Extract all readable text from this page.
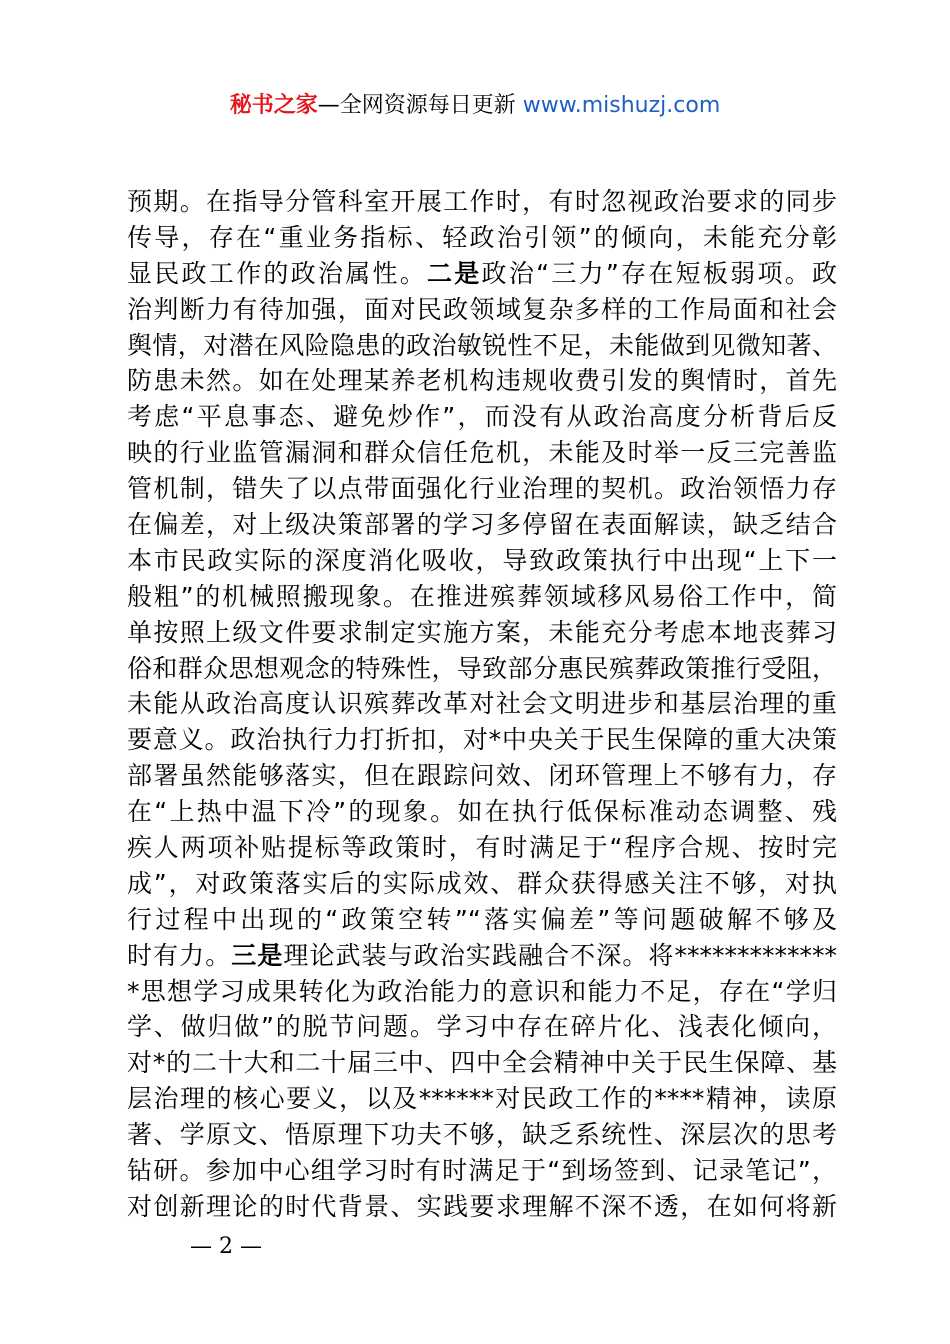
秘书之家—全网资源每日更新 www.mishuzj.com
预期。在指导分管科室开展工作时，有时忽视政治要求的同步
传导，存在“重业务指标、轻政治引领”的倾向，未能充分彰
显民政工作的政治属性。二是政治“三力”存在短板弱项。政
治判断力有待加强，面对民政领域复杂多样的工作局面和社会
舆情，对潜在风险隐患的政治敏锐性不足，未能做到见微知著、
防患未然。如在处理某养老机构违规收费引发的舆情时，首先
考虑“平息事态、避免炒作”，而没有从政治高度分析背后反
映的行业监管漏洞和群众信任危机，未能及时举一反三完善监
管机制，错失了以点带面强化行业治理的契机。政治领悟力存
在偏差，对上级决策部署的学习多停留在表面解读，缺乏结合
本市民政实际的深度消化吸收，导致政策执行中出现“上下一
般粗”的机械照搬现象。在推进殡葬领域移风易俗工作中，简
单按照上级文件要求制定实施方案，未能充分考虑本地丧葬习
俗和群众思想观念的特殊性，导致部分惠民殡葬政策推行受阻，
未能从政治高度认识殡葬改革对社会文明进步和基层治理的重
要意义。政治执行力打折扣，对*中央关于民生保障的重大决策
部署虽然能够落实，但在跟踪问效、闭环管理上不够有力，存
在“上热中温下冷”的现象。如在执行低保标准动态调整、残
疾人两项补贴提标等政策时，有时满足于“程序合规、按时完
成”，对政策落实后的实际成效、群众获得感关注不够，对执
行过程中出现的“政策空转”“落实偏差”等问题破解不够及
时有力。三是理论武装与政治实践融合不深。将*************
*思想学习成果转化为政治能力的意识和能力不足，存在“学归
学、做归做”的脱节问题。学习中存在碎片化、浅表化倾向，
对*的二十大和二十届三中、四中全会精神中关于民生保障、基
层治理的核心要义，以及******对民政工作的****精神，读原
著、学原文、悟原理下功夫不够，缺乏系统性、深层次的思考
钻研。参加中心组学习时有时满足于“到场签到、记录笔记”，
对创新理论的时代背景、实践要求理解不深不透，在如何将新
— 2 —
